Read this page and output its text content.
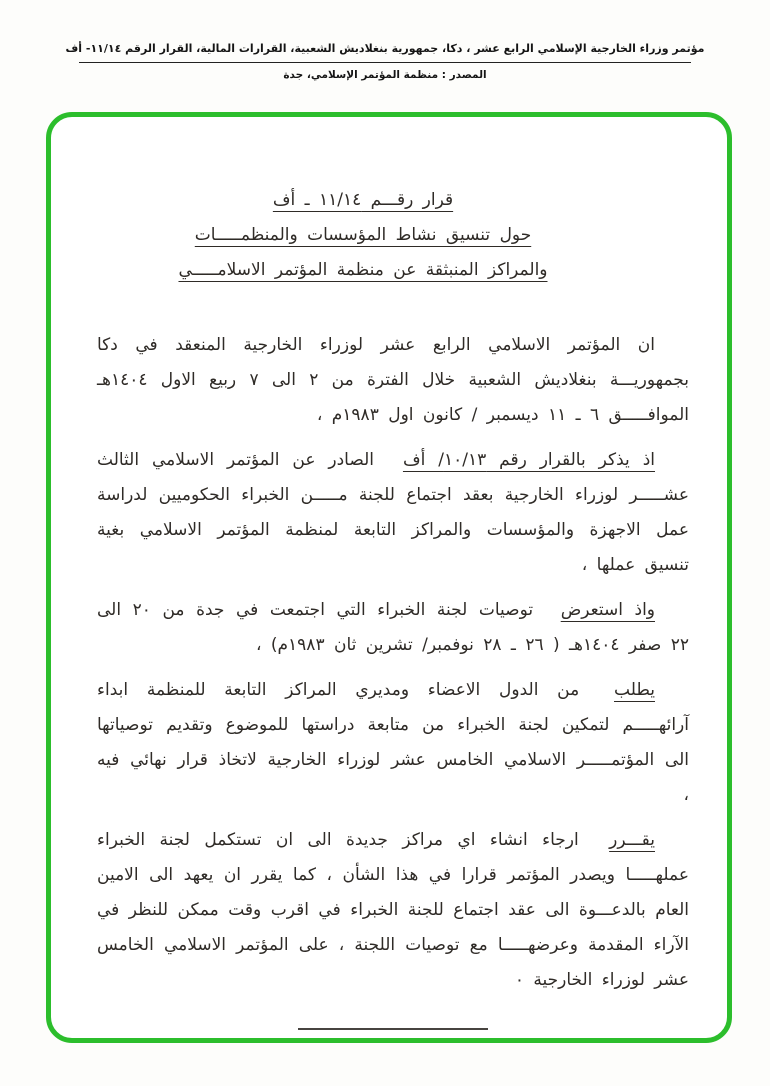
مؤتمر وزراء الخارجية الإسلامي الرابع عشر ، دكا، جمهورية بنغلاديش الشعبية، القرارات المالية، القرار الرقم ١١/١٤- أف
المصدر : منظمة المؤتمر الإسلامي، جدة
قرار رقـــم ١١/١٤ ـ أف
حول تنسيق نشاط المؤسسات والمنظمـــــات
والمراكز المنبثقة عن منظمة المؤتمر الاسلامـــــي

ان المؤتمر الاسلامي الرابع عشر لوزراء الخارجية المنعقد في دكا بجمهوريـــة بنغلاديش الشعبية خلال الفترة من ٢ الى ٧ ربيع الاول ١٤٠٤هـ الموافـــــق ٦ ـ ١١ ديسمبر / كانون اول ١٩٨٣م ،

اذ يذكر بالقرار رقم ١٠/١٣/ أف الصادر عن المؤتمر الاسلامي الثالث عشـــــر لوزراء الخارجية بعقد اجتماع للجنة مـــــن الخبراء الحكوميين لدراسة عمل الاجهزة والمؤسسات والمراكز التابعة لمنظمة المؤتمر الاسلامي بغية تنسيق عملها ،

واذ استعرض توصيات لجنة الخبراء التي اجتمعت في جدة من ٢٠ الى ٢٢ صفر ١٤٠٤هـ ( ٢٦ ـ ٢٨ نوفمبر/ تشرين ثان ١٩٨٣م) ،

يطلب من الدول الاعضاء ومديري المراكز التابعة للمنظمة ابداء آرائهـــــم لتمكين لجنة الخبراء من متابعة دراستها للموضوع وتقديم توصياتها الى المؤتمـــــر الاسلامي الخامس عشر لوزراء الخارجية لاتخاذ قرار نهائي فيه ،

يقـــرر ارجاء انشاء اي مراكز جديدة الى ان تستكمل لجنة الخبراء عملهـــــا ويصدر المؤتمر قرارا في هذا الشأن ، كما يقرر ان يعهد الى الامين العام بالدعـــوة الى عقد اجتماع للجنة الخبراء في اقرب وقت ممكن للنظر في الآراء المقدمة وعرضهـــــا مع توصيات اللجنة ، على المؤتمر الاسلامي الخامس عشر لوزراء الخارجية ٠
